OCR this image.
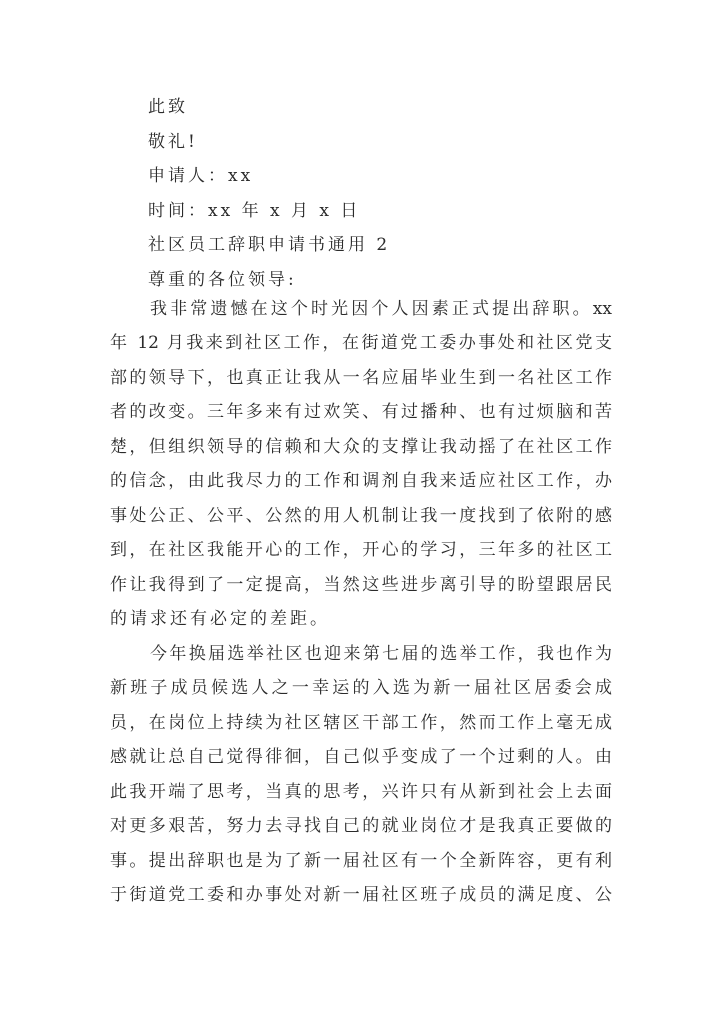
此致
敬礼!
申请人：xx
时间：xx 年 x 月 x 日
社区员工辞职申请书通用 2
尊重的各位领导:
我非常遗憾在这个时光因个人因素正式提出辞职。xx
年 12 月我来到社区工作，在街道党工委办事处和社区党支
部的领导下，也真正让我从一名应届毕业生到一名社区工作
者的改变。三年多来有过欢笑、有过播种、也有过烦脑和苦
楚，但组织领导的信赖和大众的支撑让我动摇了在社区工作
的信念，由此我尽力的工作和调剂自我来适应社区工作，办
事处公正、公平、公然的用人机制让我一度找到了依附的感
到，在社区我能开心的工作，开心的学习，三年多的社区工
作让我得到了一定提高，当然这些进步离引导的盼望跟居民
的请求还有必定的差距。
今年换届选举社区也迎来第七届的选举工作，我也作为
新班子成员候选人之一幸运的入选为新一届社区居委会成
员，在岗位上持续为社区辖区干部工作，然而工作上毫无成
感就让总自己觉得徘徊，自己似乎变成了一个过剩的人。由
此我开端了思考，当真的思考，兴许只有从新到社会上去面
对更多艰苦，努力去寻找自己的就业岗位才是我真正要做的
事。提出辞职也是为了新一届社区有一个全新阵容，更有利
于街道党工委和办事处对新一届社区班子成员的满足度、公
